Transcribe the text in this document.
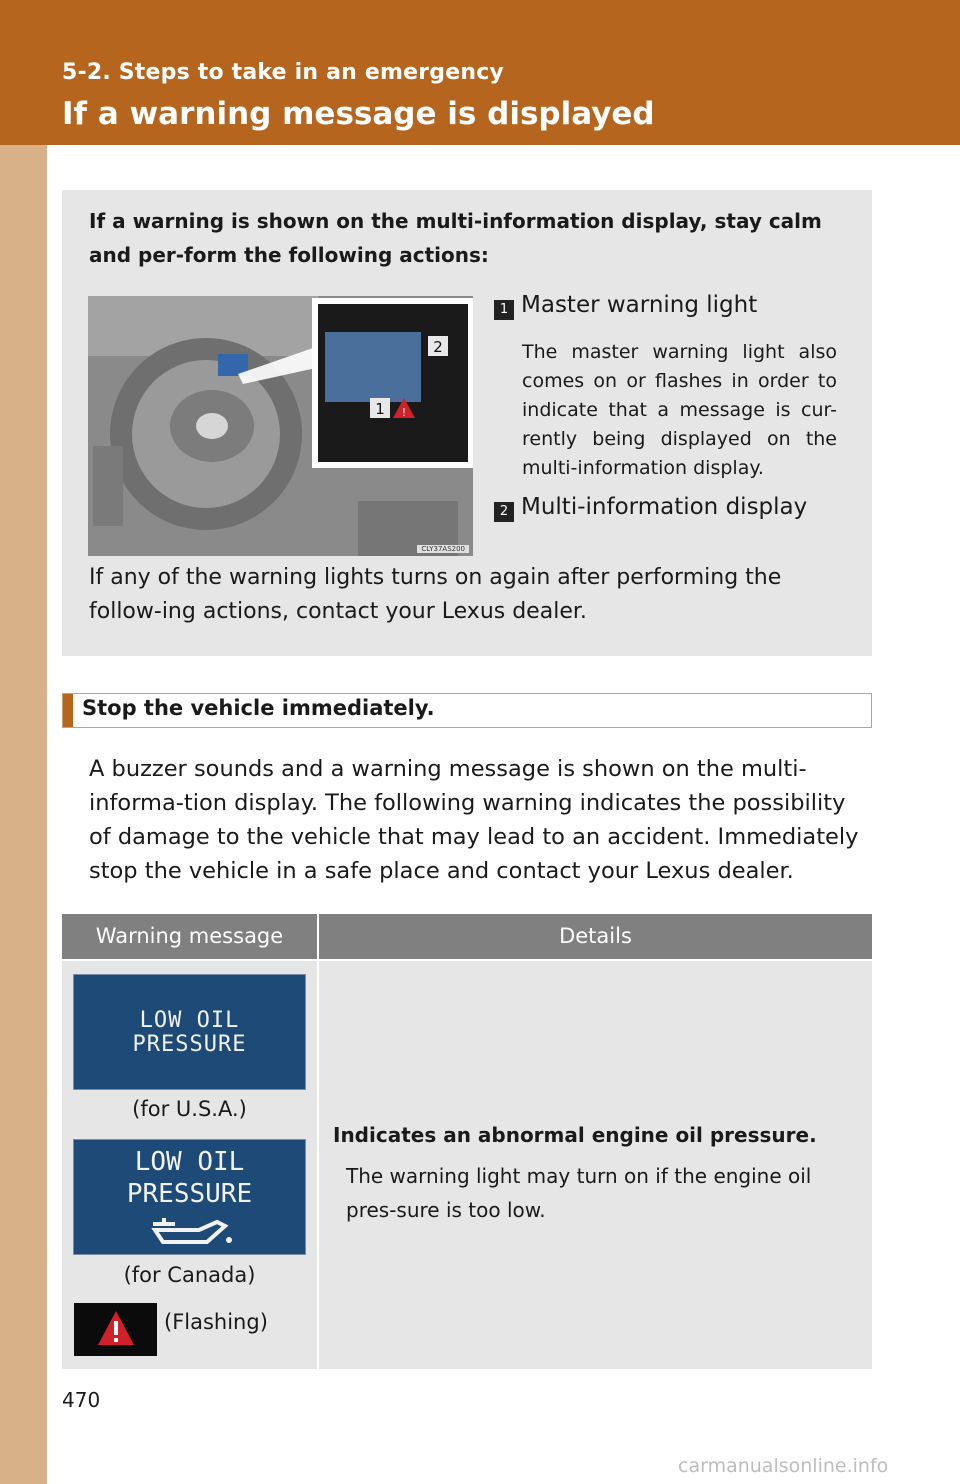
5-2. Steps to take in an emergency
If a warning message is displayed
If a warning is shown on the multi-information display, stay calm and per-form the following actions:
2
1 !
CLY37AS200
1 Master warning light
The master warning light also comes on or flashes in order to indicate that a message is cur-rently being displayed on the multi-information display.
2 Multi-information display
If any of the warning lights turns on again after performing the follow-ing actions, contact your Lexus dealer.
Stop the vehicle immediately.
A buzzer sounds and a warning message is shown on the multi-informa-tion display. The following warning indicates the possibility of damage to the vehicle that may lead to an accident. Immediately stop the vehicle in a safe place and contact your Lexus dealer.
Warning message	Details
LOW OIL
PRESSURE
(for U.S.A.)
LOW OIL
PRESSURE
(for Canada)
(Flashing)
Indicates an abnormal engine oil pressure.
The warning light may turn on if the engine oil pres-sure is too low.
470
carmanualsonline.info
